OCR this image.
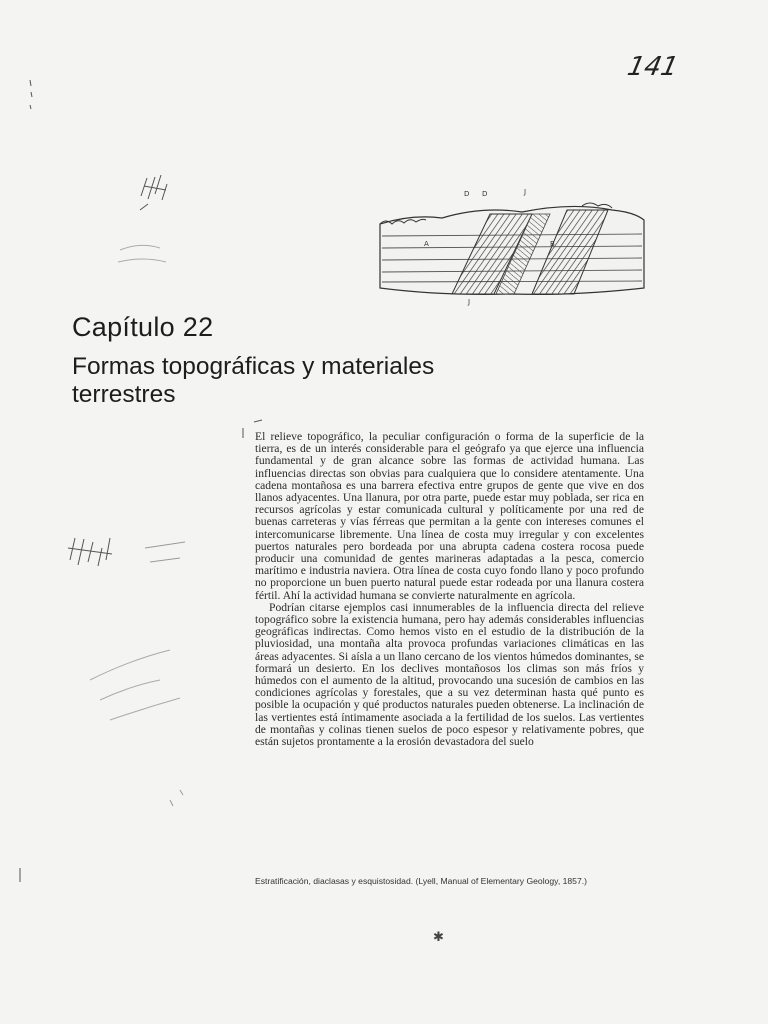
141
D D	J
A	B
J
Capítulo 22
Formas topográficas y materiales
terrestres

El relieve topográfico, la peculiar configuración o forma de la superficie de la tierra, es de un interés considerable para el geógrafo ya que ejerce una influencia fundamental y de gran alcance sobre las formas de actividad humana. Las influencias directas son obvias para cualquiera que lo considere atentamente. Una cadena montañosa es una barrera efectiva entre grupos de gente que vive en dos llanos adyacentes. Una llanura, por otra parte, puede estar muy poblada, ser rica en recursos agrícolas y estar comunicada cultural y políticamente por una red de buenas carreteras y vías férreas que permitan a la gente con intereses comunes el intercomunicarse libremente. Una línea de costa muy irregular y con excelentes puertos naturales pero bordeada por una abrupta cadena costera rocosa puede producir una comunidad de gentes marineras adaptadas a la pesca, comercio marítimo e industria naviera. Otra línea de costa cuyo fondo llano y poco profundo no proporcione un buen puerto natural puede estar rodeada por una llanura costera fértil. Ahí la actividad humana se convierte naturalmente en agrícola.

Podrían citarse ejemplos casi innumerables de la influencia directa del relieve topográfico sobre la existencia humana, pero hay además considerables influencias geográficas indirectas. Como hemos visto en el estudio de la distribución de la pluviosidad, una montaña alta provoca profundas variaciones climáticas en las áreas adyacentes. Si aísla a un llano cercano de los vientos húmedos dominantes, se formará un desierto. En los declives montañosos los climas son más fríos y húmedos con el aumento de la altitud, provocando una sucesión de cambios en las condiciones agrícolas y forestales, que a su vez determinan hasta qué punto es posible la ocupación y qué productos naturales pueden obtenerse. La inclinación de las vertientes está íntimamente asociada a la fertilidad de los suelos. Las vertientes de montañas y colinas tienen suelos de poco espesor y relativamente pobres, que están sujetos prontamente a la erosión devastadora del suelo

Estratificación, diaclasas y esquistosidad. (Lyell, Manual of Elementary Geology, 1857.)
✱
